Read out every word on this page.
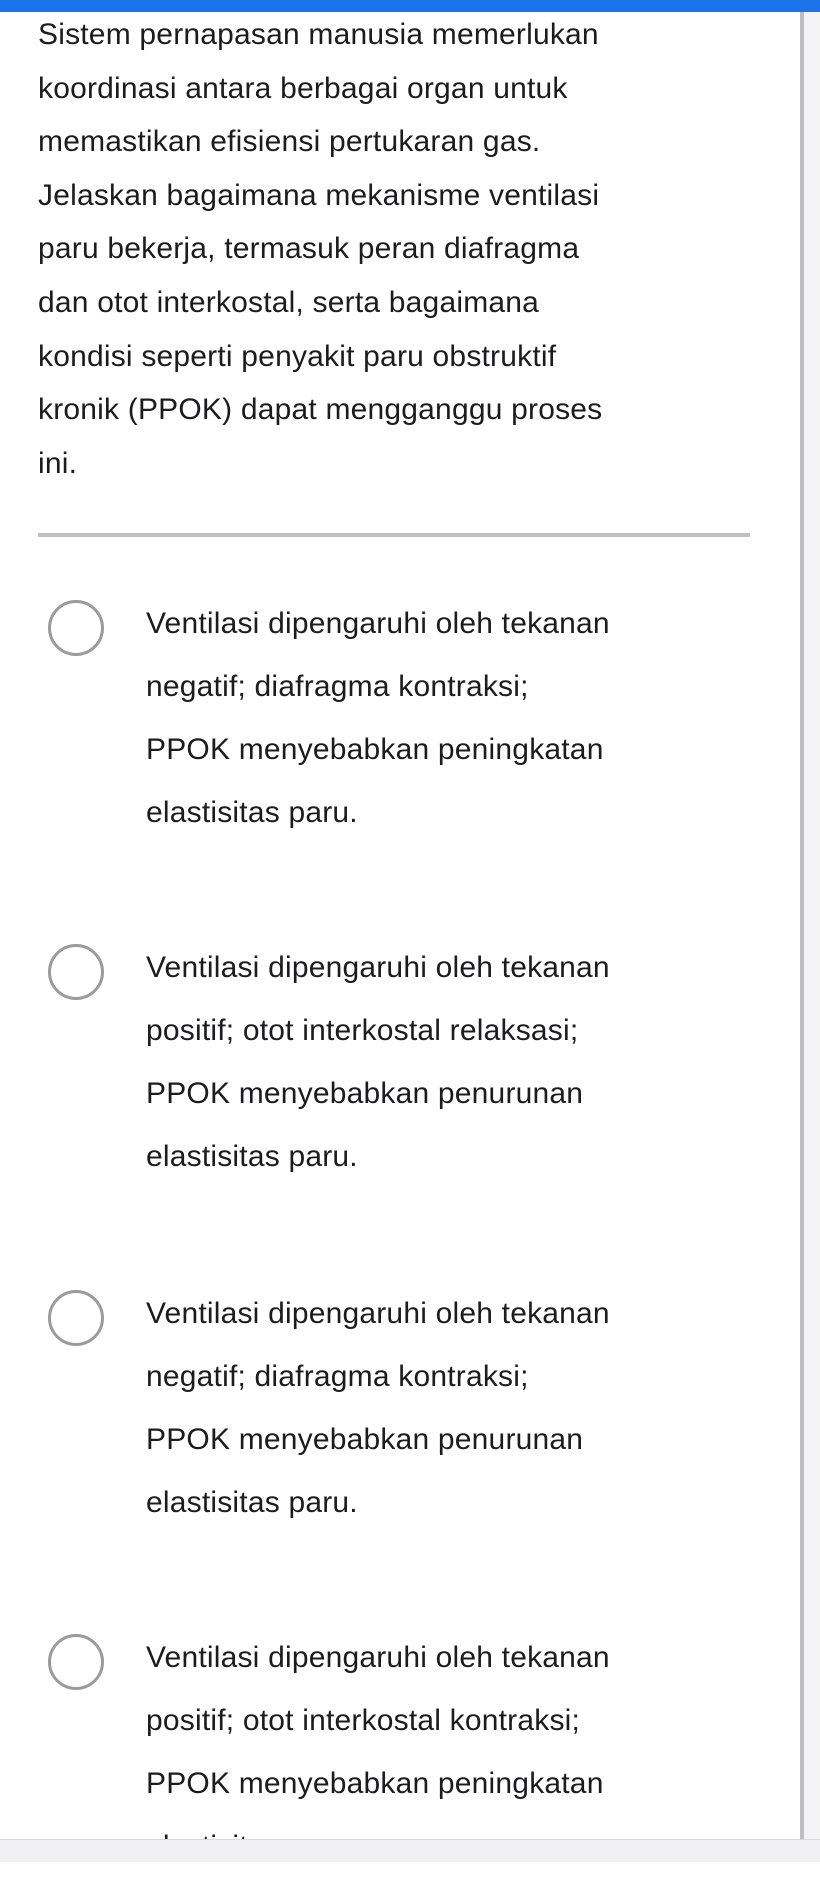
Sistem pernapasan manusia memerlukan
koordinasi antara berbagai organ untuk
memastikan efisiensi pertukaran gas.
Jelaskan bagaimana mekanisme ventilasi
paru bekerja, termasuk peran diafragma
dan otot interkostal, serta bagaimana
kondisi seperti penyakit paru obstruktif
kronik (PPOK) dapat mengganggu proses
ini.

Ventilasi dipengaruhi oleh tekanan
negatif; diafragma kontraksi;
PPOK menyebabkan peningkatan
elastisitas paru.
Ventilasi dipengaruhi oleh tekanan
positif; otot interkostal relaksasi;
PPOK menyebabkan penurunan
elastisitas paru.
Ventilasi dipengaruhi oleh tekanan
negatif; diafragma kontraksi;
PPOK menyebabkan penurunan
elastisitas paru.
Ventilasi dipengaruhi oleh tekanan
positif; otot interkostal kontraksi;
PPOK menyebabkan peningkatan
